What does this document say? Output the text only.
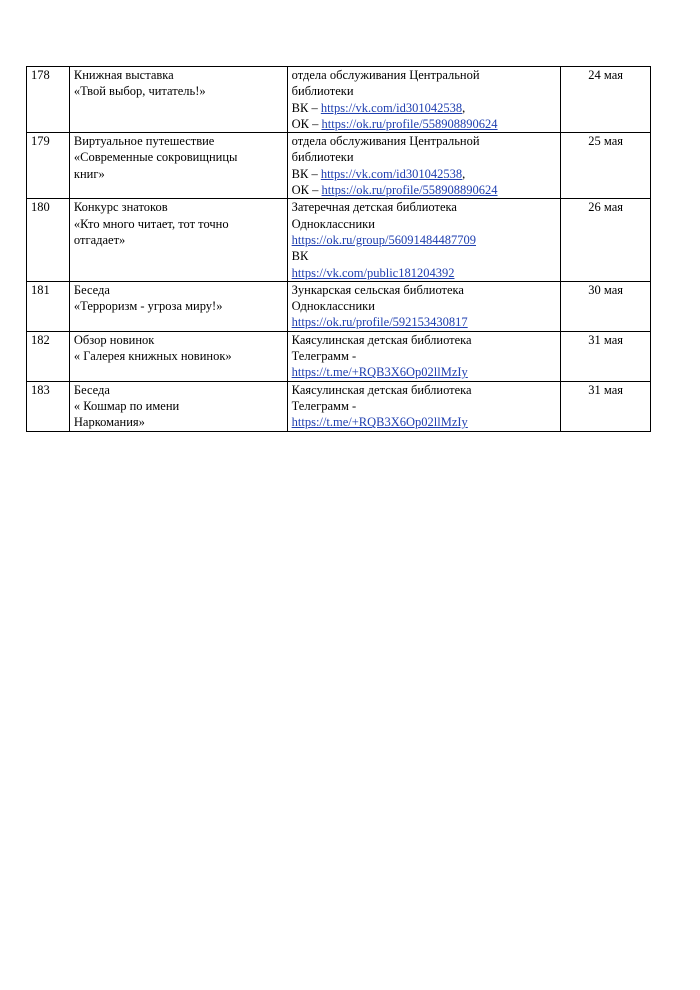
178	Книжная выставка
«Твой выбор, читатель!»	отдела обслуживания Центральной
библиотеки
ВК – https://vk.com/id301042538,
ОК – https://ok.ru/profile/558908890624	24 мая
179	Виртуальное путешествие
«Современные сокровищницы
книг»	отдела обслуживания Центральной
библиотеки
ВК – https://vk.com/id301042538,
ОК – https://ok.ru/profile/558908890624	25 мая
180	Конкурс знатоков
«Кто много читает, тот точно
отгадает»	Затеречная детская библиотека
Одноклассники
https://ok.ru/group/56091484487709
ВК
https://vk.com/public181204392	26 мая
181	Беседа
«Терроризм - угроза миру!»	Зункарская сельская библиотека
Одноклассники
https://ok.ru/profile/592153430817	30 мая
182	Обзор новинок
« Галерея книжных новинок»	Каясулинская детская библиотека
Телеграмм -
https://t.me/+RQB3X6Op02llMzIy	31 мая
183	Беседа
« Кошмар по имени
Наркомания»	Каясулинская детская библиотека
Телеграмм -
https://t.me/+RQB3X6Op02llMzIy	31 мая
